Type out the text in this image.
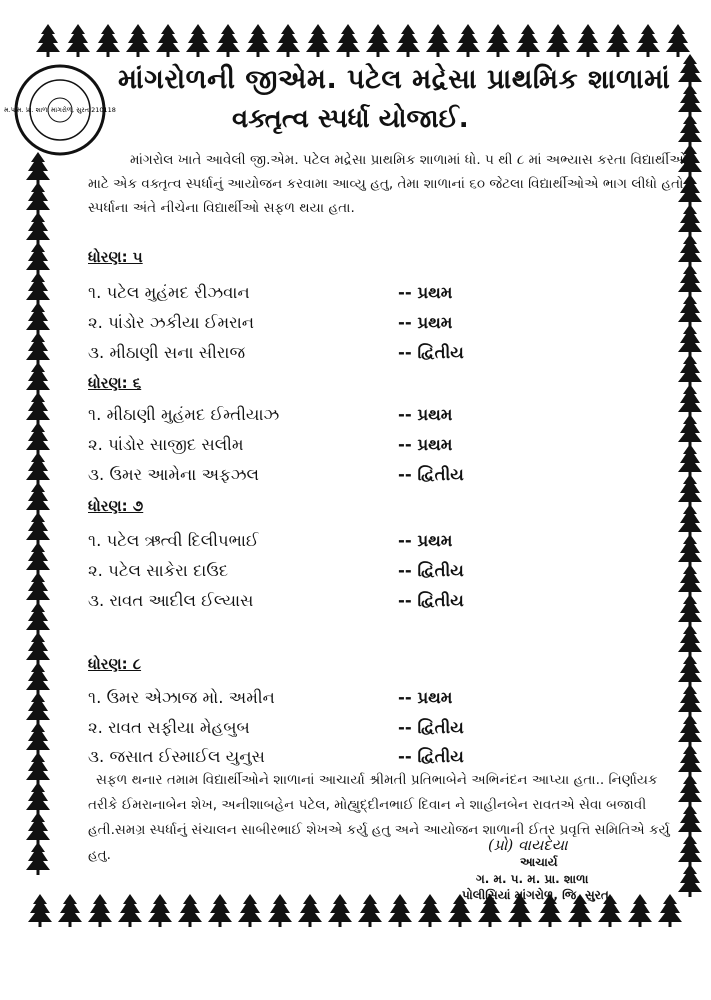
મ.પ.મ. પ્રા. શાળા માંગરોળ, સુરત 210118
માંગરોળની જીએમ. પટેલ મદ્રેસા પ્રાથમિક શાળામાં
વક્તૃત્વ સ્પર્ધા યોજાઈ.
માંગરોલ ખાતે આવેલી જી.એમ. પટેલ મદ્રેસા પ્રાથમિક શાળામાં ધો. ૫ થી ૮ માં અભ્યાસ કરતા વિદ્યાર્થીઓ માટે એક વક્તૃત્વ સ્પર્ધાનું આયોજન કરવામા આવ્યુ હતુ, તેમા શાળાનાં ૬૦ જેટલા વિદ્યાર્થીઓએ ભાગ લીધો હતો. સ્પર્ધાના અંતે નીચેના વિદ્યાર્થીઓ સફળ થયા હતા.
ધોરણ: ૫
૧. પટેલ મુહંમદ રીઝવાન	-- પ્રથમ
૨. પાંડોર ઝકીયા ઈમરાન	-- પ્રથમ
૩. મીઠાણી સના સીરાજ	-- દ્વિતીય
ધોરણ: ૬
૧. મીઠાણી મુહંમદ ઈમ્તીયાઝ	-- પ્રથમ
૨. પાંડોર સાજીદ સલીમ	-- પ્રથમ
૩. ઉમર આમેના અફઝલ	-- દ્વિતીય
ધોરણ: ૭
૧. પટેલ ઋત્વી દિલીપભાઈ	-- પ્રથમ
૨. પટેલ સાકેરા દાઉદ	-- દ્વિતીય
૩. રાવત આદીલ ઈલ્યાસ	-- દ્વિતીય
ધોરણ: ૮
૧. ઉમર એઝાજ મો. અમીન	-- પ્રથમ
૨. રાવત સફીયા મેહબુબ	-- દ્વિતીય
૩. જસાત ઈસ્માઈલ યુનુસ	-- દ્વિતીય
સફળ થનાર તમામ વિદ્યાર્થીઓને શાળાનાં આચાર્યા શ્રીમતી પ્રતિભાબેને અભિનંદન આપ્યા હતા.. નિર્ણાયક તરીકે ઈમરાનાબેન શેખ, અનીશાબહેન પટેલ, મોહ્યુદ્દીનભાઈ દિવાન ને શાહીનબેન રાવતએ સેવા બજાવી હતી.સમગ્ર સ્પર્ધાનું સંચાલન સાબીરભાઈ શેખએ કર્યુ હતુ અને આયોજન શાળાની ઈતર પ્રવૃત્તિ સમિતિએ કર્યુ હતુ.
(પ્રો) વાયદેયા
આચાર્ય
ગ. મ. પ. મ. પ્રા. શાળા
પોલીસિયાં માંગરોળ, જિ. સુરત.
